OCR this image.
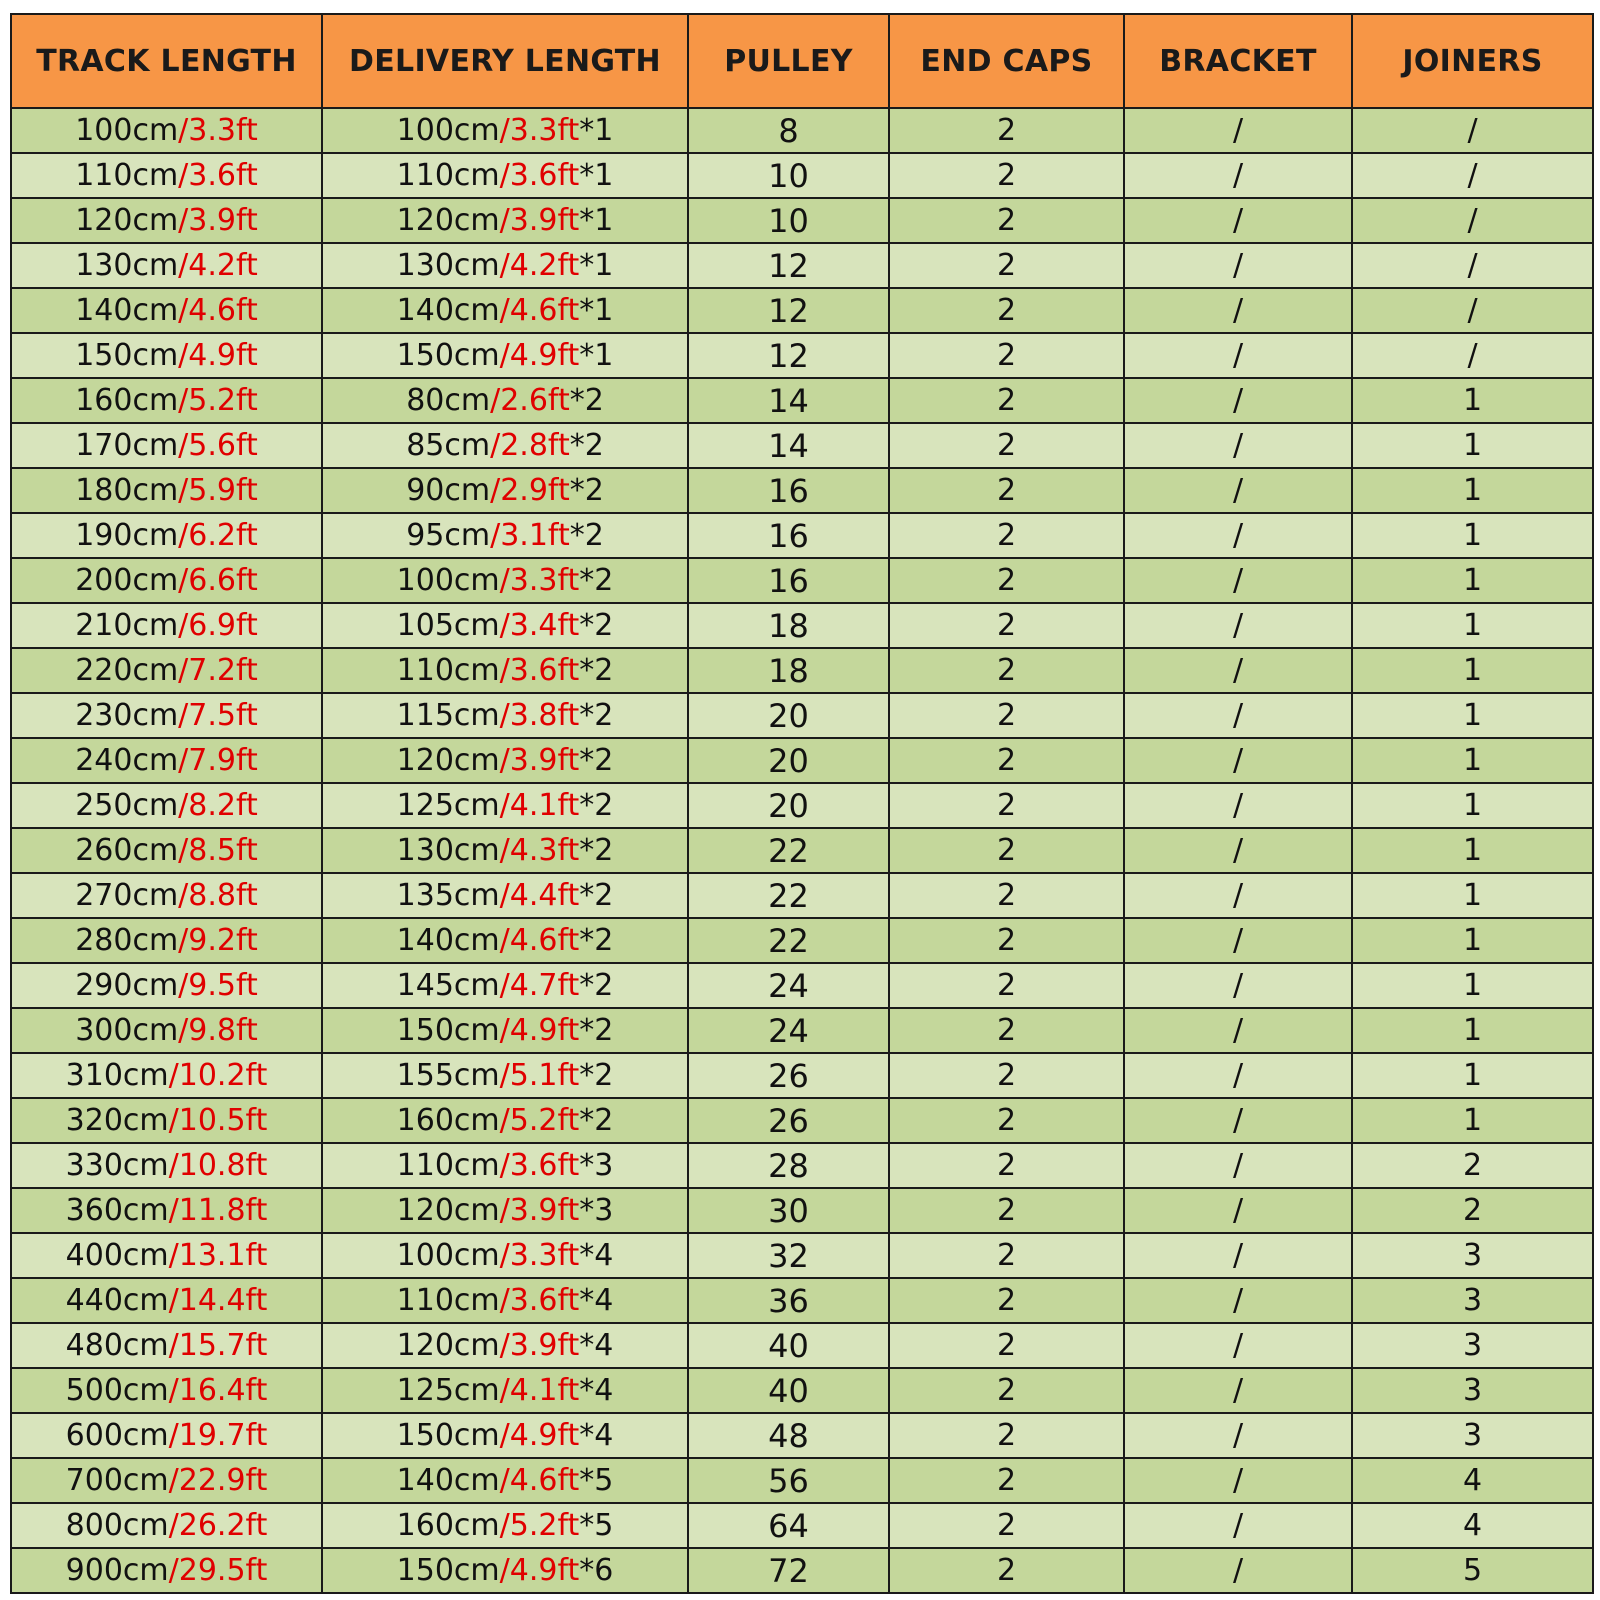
TRACK LENGTH	DELIVERY LENGTH	PULLEY	END CAPS	BRACKET	JOINERS
100cm/3.3ft	100cm/3.3ft*1	8	2	/	/
110cm/3.6ft	110cm/3.6ft*1	10	2	/	/
120cm/3.9ft	120cm/3.9ft*1	10	2	/	/
130cm/4.2ft	130cm/4.2ft*1	12	2	/	/
140cm/4.6ft	140cm/4.6ft*1	12	2	/	/
150cm/4.9ft	150cm/4.9ft*1	12	2	/	/
160cm/5.2ft	80cm/2.6ft*2	14	2	/	1
170cm/5.6ft	85cm/2.8ft*2	14	2	/	1
180cm/5.9ft	90cm/2.9ft*2	16	2	/	1
190cm/6.2ft	95cm/3.1ft*2	16	2	/	1
200cm/6.6ft	100cm/3.3ft*2	16	2	/	1
210cm/6.9ft	105cm/3.4ft*2	18	2	/	1
220cm/7.2ft	110cm/3.6ft*2	18	2	/	1
230cm/7.5ft	115cm/3.8ft*2	20	2	/	1
240cm/7.9ft	120cm/3.9ft*2	20	2	/	1
250cm/8.2ft	125cm/4.1ft*2	20	2	/	1
260cm/8.5ft	130cm/4.3ft*2	22	2	/	1
270cm/8.8ft	135cm/4.4ft*2	22	2	/	1
280cm/9.2ft	140cm/4.6ft*2	22	2	/	1
290cm/9.5ft	145cm/4.7ft*2	24	2	/	1
300cm/9.8ft	150cm/4.9ft*2	24	2	/	1
310cm/10.2ft	155cm/5.1ft*2	26	2	/	1
320cm/10.5ft	160cm/5.2ft*2	26	2	/	1
330cm/10.8ft	110cm/3.6ft*3	28	2	/	2
360cm/11.8ft	120cm/3.9ft*3	30	2	/	2
400cm/13.1ft	100cm/3.3ft*4	32	2	/	3
440cm/14.4ft	110cm/3.6ft*4	36	2	/	3
480cm/15.7ft	120cm/3.9ft*4	40	2	/	3
500cm/16.4ft	125cm/4.1ft*4	40	2	/	3
600cm/19.7ft	150cm/4.9ft*4	48	2	/	3
700cm/22.9ft	140cm/4.6ft*5	56	2	/	4
800cm/26.2ft	160cm/5.2ft*5	64	2	/	4
900cm/29.5ft	150cm/4.9ft*6	72	2	/	5
